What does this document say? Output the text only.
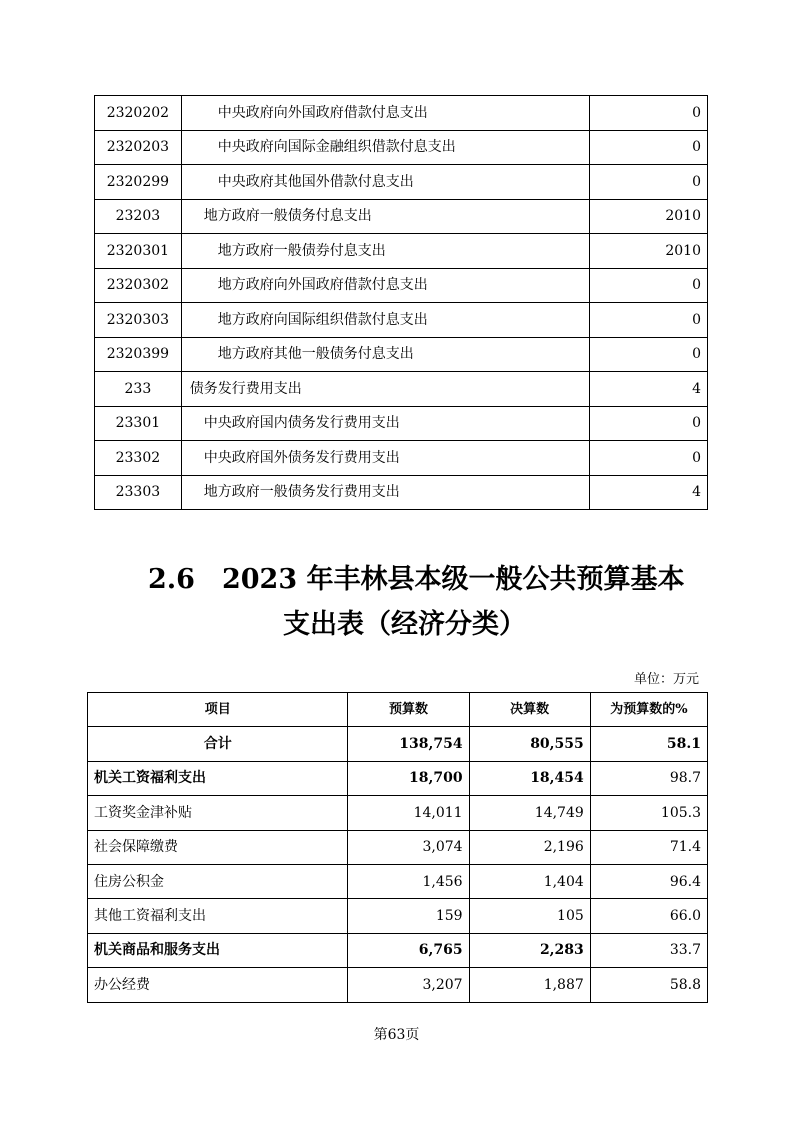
2320202	中央政府向外国政府借款付息支出	0
2320203	中央政府向国际金融组织借款付息支出	0
2320299	中央政府其他国外借款付息支出	0
23203	地方政府一般债务付息支出	2010
2320301	地方政府一般债券付息支出	2010
2320302	地方政府向外国政府借款付息支出	0
2320303	地方政府向国际组织借款付息支出	0
2320399	地方政府其他一般债务付息支出	0
233	债务发行费用支出	4
23301	中央政府国内债务发行费用支出	0
23302	中央政府国外债务发行费用支出	0
23303	地方政府一般债务发行费用支出	4
2.6　2023 年丰林县本级一般公共预算基本
支出表（经济分类）
单位：万元
项目	预算数	决算数	为预算数的%
合计	138,754	80,555	58.1
机关工资福利支出	18,700	18,454	98.7
工资奖金津补贴	14,011	14,749	105.3
社会保障缴费	3,074	2,196	71.4
住房公积金	1,456	1,404	96.4
其他工资福利支出	159	105	66.0
机关商品和服务支出	6,765	2,283	33.7
办公经费	3,207	1,887	58.8
第63页
